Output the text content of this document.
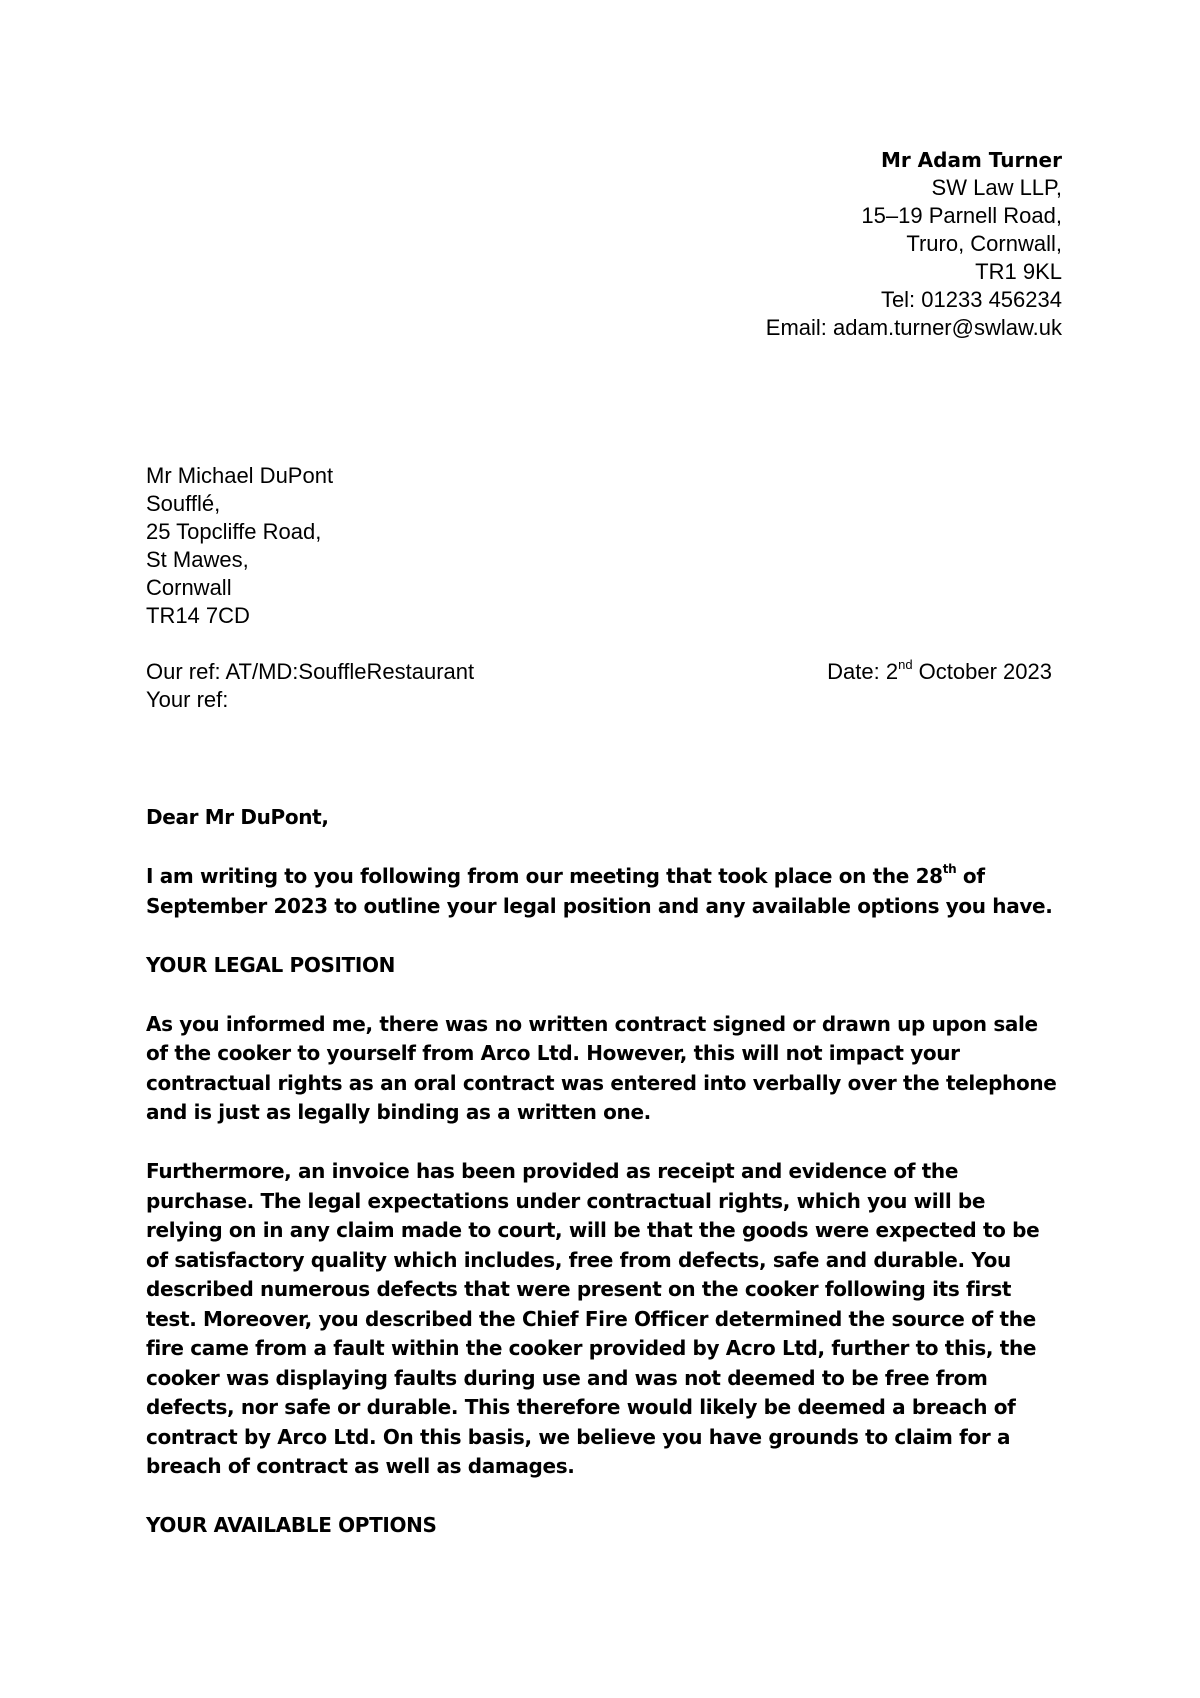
Mr Adam Turner
SW Law LLP,
15–19 Parnell Road,
Truro, Cornwall,
TR1 9KL
Tel: 01233 456234
Email: adam.turner@swlaw.uk
Mr Michael DuPont
Soufflé,
25 Topcliffe Road,
St Mawes,
Cornwall
TR14 7CD
Our ref: AT/MD:SouffleRestaurant	Date: 2nd October 2023
Your ref:

Dear Mr DuPont,

I am writing to you following from our meeting that took place on the 28th of September 2023 to outline your legal position and any available options you have.

YOUR LEGAL POSITION

As you informed me, there was no written contract signed or drawn up upon sale of the cooker to yourself from Arco Ltd. However, this will not impact your contractual rights as an oral contract was entered into verbally over the telephone and is just as legally binding as a written one.

Furthermore, an invoice has been provided as receipt and evidence of the purchase. The legal expectations under contractual rights, which you will be relying on in any claim made to court, will be that the goods were expected to be of satisfactory quality which includes, free from defects, safe and durable. You described numerous defects that were present on the cooker following its first test. Moreover, you described the Chief Fire Officer determined the source of the fire came from a fault within the cooker provided by Acro Ltd, further to this, the cooker was displaying faults during use and was not deemed to be free from defects, nor safe or durable. This therefore would likely be deemed a breach of contract by Arco Ltd. On this basis, we believe you have grounds to claim for a breach of contract as well as damages.

YOUR AVAILABLE OPTIONS
